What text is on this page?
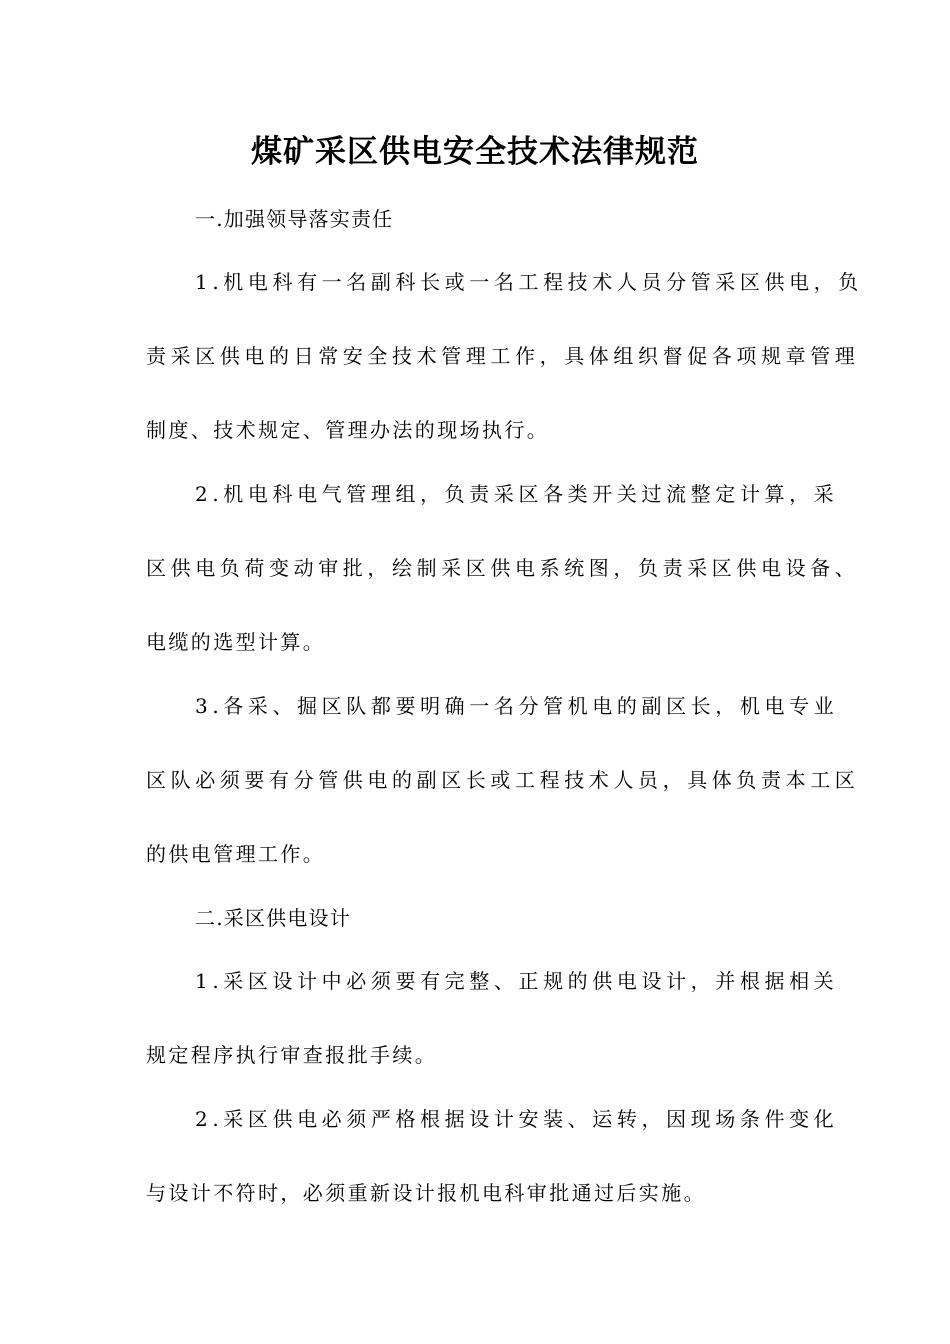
煤矿采区供电安全技术法律规范
一.加强领导落实责任
1.机电科有一名副科长或一名工程技术人员分管采区供电，负
责采区供电的日常安全技术管理工作，具体组织督促各项规章管理
制度、技术规定、管理办法的现场执行。
2.机电科电气管理组，负责采区各类开关过流整定计算，采
区供电负荷变动审批，绘制采区供电系统图，负责采区供电设备、
电缆的选型计算。
3.各采、掘区队都要明确一名分管机电的副区长，机电专业
区队必须要有分管供电的副区长或工程技术人员，具体负责本工区
的供电管理工作。
二.采区供电设计
1.采区设计中必须要有完整、正规的供电设计，并根据相关
规定程序执行审查报批手续。
2.采区供电必须严格根据设计安装、运转，因现场条件变化
与设计不符时，必须重新设计报机电科审批通过后实施。
